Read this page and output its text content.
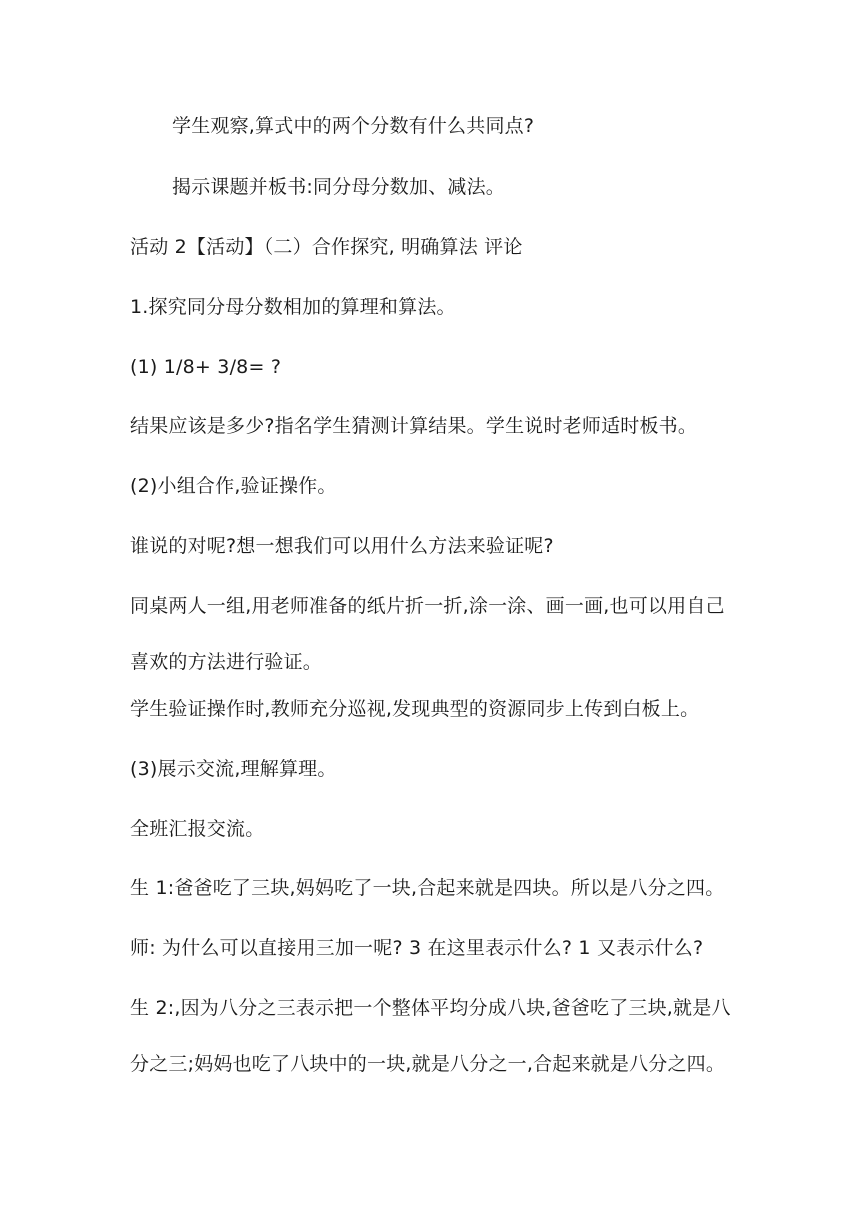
学生观察,算式中的两个分数有什么共同点?
揭示课题并板书:同分母分数加、减法。
活动 2【活动】（二）合作探究, 明确算法 评论
1.探究同分母分数相加的算理和算法。
(1) 1/8+ 3/8= ?
结果应该是多少?指名学生猜测计算结果。学生说时老师适时板书。
(2)小组合作,验证操作。
谁说的对呢?想一想我们可以用什么方法来验证呢?
同桌两人一组,用老师准备的纸片折一折,涂一涂、画一画,也可以用自己喜欢的方法进行验证。
学生验证操作时,教师充分巡视,发现典型的资源同步上传到白板上。
(3)展示交流,理解算理。
全班汇报交流。
生 1:爸爸吃了三块,妈妈吃了一块,合起来就是四块。所以是八分之四。
师: 为什么可以直接用三加一呢? 3 在这里表示什么? 1 又表示什么?
生 2:,因为八分之三表示把一个整体平均分成八块,爸爸吃了三块,就是八分之三;妈妈也吃了八块中的一块,就是八分之一,合起来就是八分之四。
